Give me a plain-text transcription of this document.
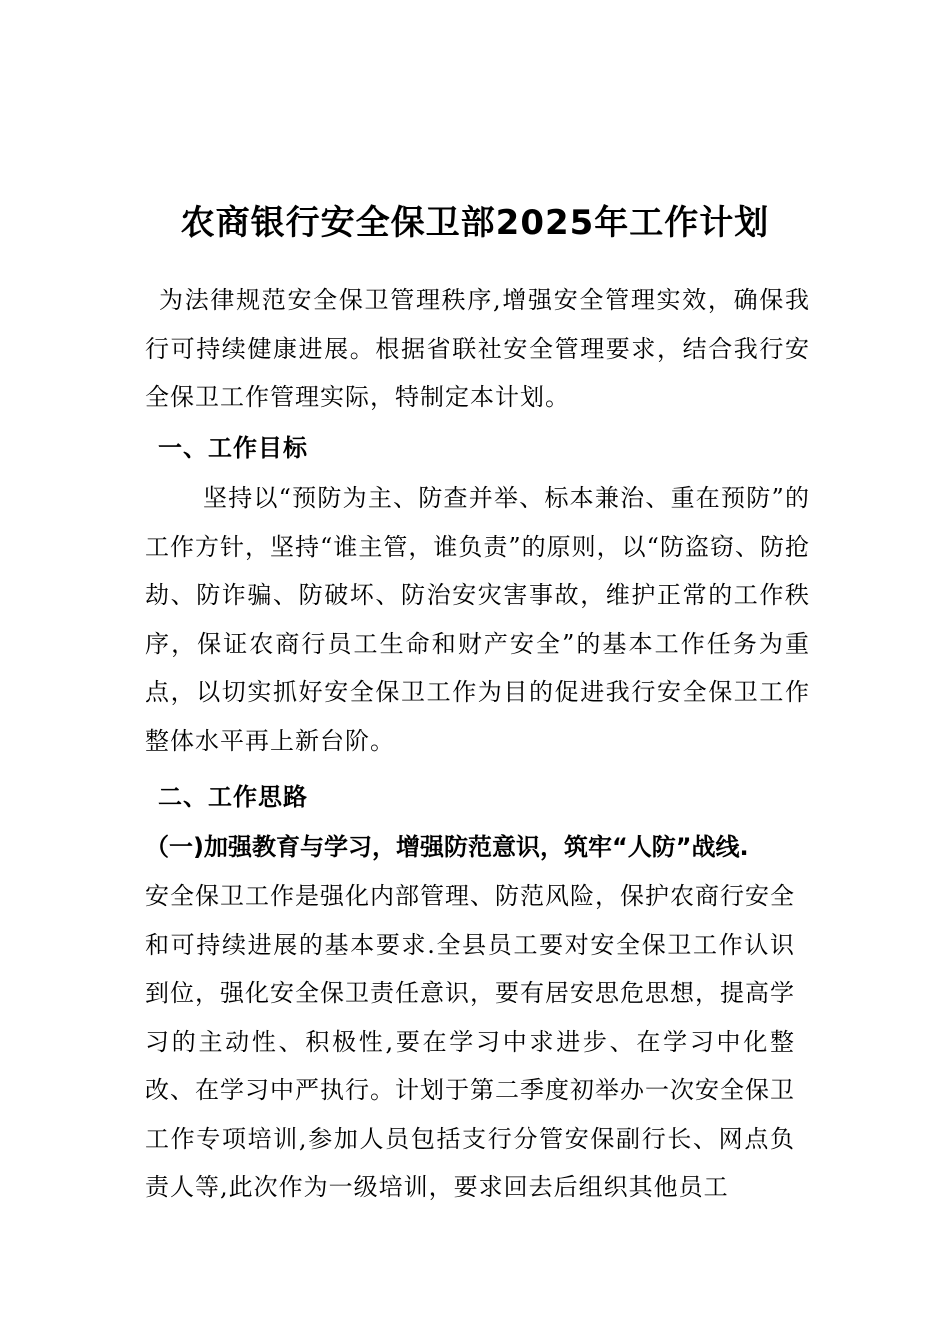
农商银行安全保卫部2025年工作计划

为法律规范安全保卫管理秩序,增强安全管理实效，确保我行可持续健康进展。根据省联社安全管理要求，结合我行安全保卫工作管理实际，特制定本计划。

一、工作目标

坚持以“预防为主、防查并举、标本兼治、重在预防”的工作方针，坚持“谁主管，谁负责”的原则，以“防盗窃、防抢劫、防诈骗、防破坏、防治安灾害事故，维护正常的工作秩序，保证农商行员工生命和财产安全”的基本工作任务为重点，以切实抓好安全保卫工作为目的促进我行安全保卫工作整体水平再上新台阶。

二、工作思路
（一)加强教育与学习，增强防范意识，筑牢“人防”战线.

安全保卫工作是强化内部管理、防范风险，保护农商行安全和可持续进展的基本要求.全县员工要对安全保卫工作认识到位，强化安全保卫责任意识，要有居安思危思想，提高学习的主动性、积极性,要在学习中求进步、在学习中化整改、在学习中严执行。计划于第二季度初举办一次安全保卫工作专项培训,参加人员包括支行分管安保副行长、网点负责人等,此次作为一级培训，要求回去后组织其他员工
